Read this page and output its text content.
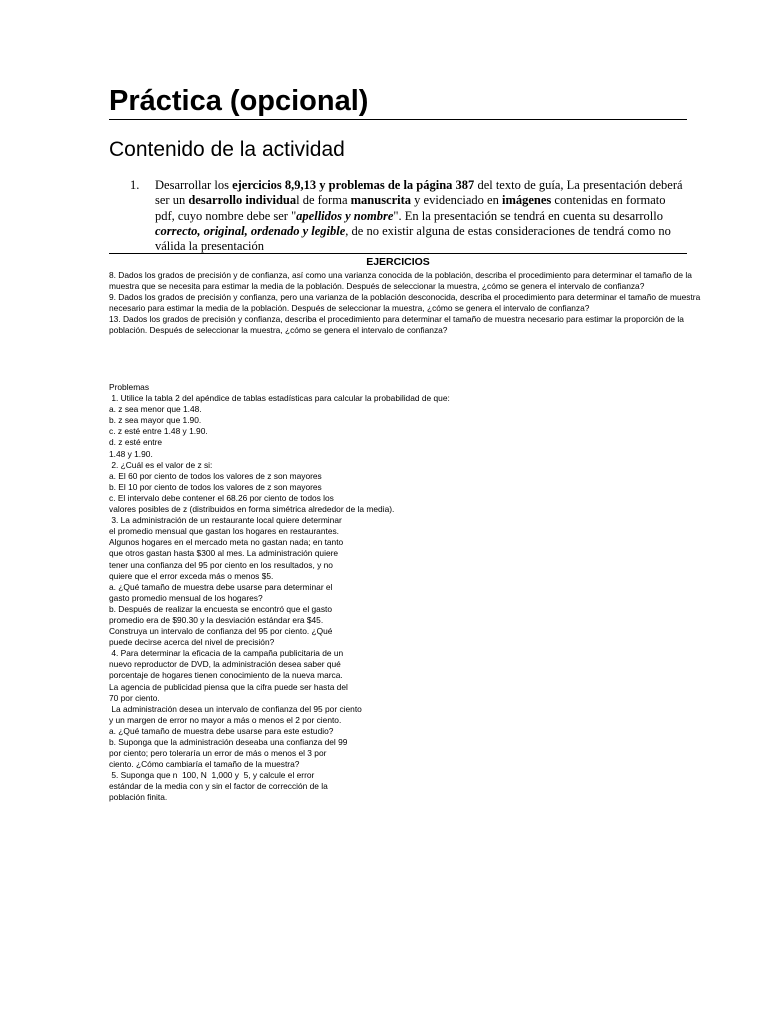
Práctica (opcional)
Contenido de la actividad
1. Desarrollar los ejercicios 8,9,13 y problemas de la página 387 del texto de guía, La presentación deberá ser un desarrollo individual de forma manuscrita y evidenciado en imágenes contenidas en formato pdf, cuyo nombre debe ser "apellidos y nombre". En la presentación se tendrá en cuenta su desarrollo correcto, original, ordenado y legible, de no existir alguna de estas consideraciones de tendrá como no válida la presentación
EJERCICIOS

8. Dados los grados de precisión y de confianza, así como una varianza conocida de la población, describa el procedimiento para determinar el tamaño de la muestra que se necesita para estimar la media de la población. Después de seleccionar la muestra, ¿cómo se genera el intervalo de confianza?

9. Dados los grados de precisión y confianza, pero una varianza de la población desconocida, describa el procedimiento para determinar el tamaño de muestra necesario para estimar la media de la población. Después de seleccionar la muestra, ¿cómo se genera el intervalo de confianza?

13. Dados los grados de precisión y confianza, describa el procedimiento para determinar el tamaño de muestra necesario para estimar la proporción de la población. Después de seleccionar la muestra, ¿cómo se genera el intervalo de confianza?

Problemas
1. Utilice la tabla 2 del apéndice de tablas estadísticas para calcular la probabilidad de que:
a. z sea menor que 1.48.
b. z sea mayor que 1.90.
c. z esté entre 1.48 y 1.90.
d. z esté entre
1.48 y 1.90.
2. ¿Cuál es el valor de z si:
a. El 60 por ciento de todos los valores de z son mayores
b. El 10 por ciento de todos los valores de z son mayores
c. El intervalo debe contener el 68.26 por ciento de todos los
valores posibles de z (distribuidos en forma simétrica alrededor de la media).
3. La administración de un restaurante local quiere determinar
el promedio mensual que gastan los hogares en restaurantes.
Algunos hogares en el mercado meta no gastan nada; en tanto
que otros gastan hasta $300 al mes. La administración quiere
tener una confianza del 95 por ciento en los resultados, y no
quiere que el error exceda más o menos $5.
a. ¿Qué tamaño de muestra debe usarse para determinar el
gasto promedio mensual de los hogares?
b. Después de realizar la encuesta se encontró que el gasto
promedio era de $90.30 y la desviación estándar era $45.
Construya un intervalo de confianza del 95 por ciento. ¿Qué
puede decirse acerca del nivel de precisión?
4. Para determinar la eficacia de la campaña publicitaria de un
nuevo reproductor de DVD, la administración desea saber qué
porcentaje de hogares tienen conocimiento de la nueva marca.
La agencia de publicidad piensa que la cifra puede ser hasta del
70 por ciento.
La administración desea un intervalo de confianza del 95 por ciento
y un margen de error no mayor a más o menos el 2 por ciento.
a. ¿Qué tamaño de muestra debe usarse para este estudio?
b. Suponga que la administración deseaba una confianza del 99
por ciento; pero toleraría un error de más o menos el 3 por
ciento. ¿Cómo cambiaría el tamaño de la muestra?
5. Suponga que n  100, N  1,000 y  5, y calcule el error
estándar de la media con y sin el factor de corrección de la
población finita.
